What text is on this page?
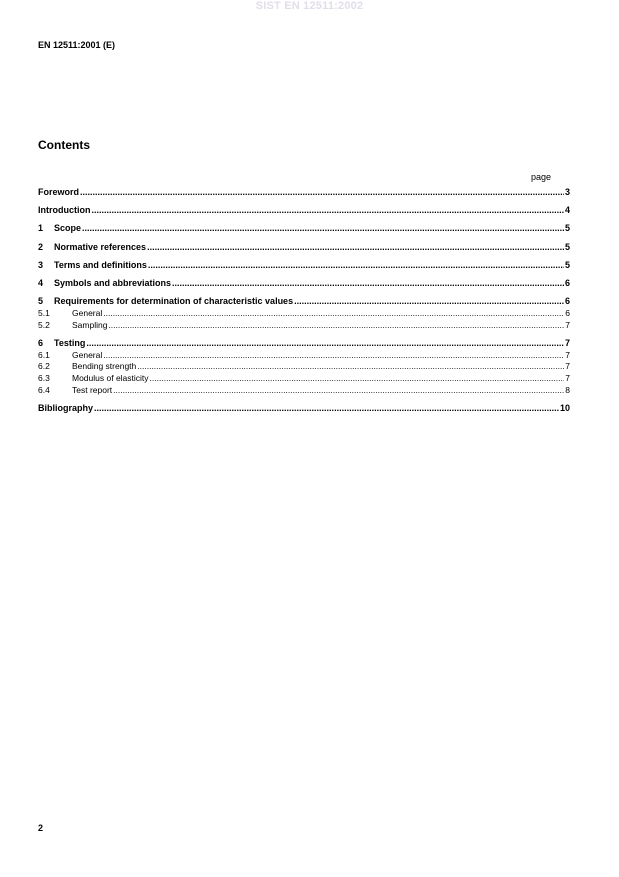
SIST EN 12511:2002
EN 12511:2001 (E)
Contents
page
Foreword .....	3
Introduction .....	4
1	Scope .....	5
2	Normative references .....	5
3	Terms and definitions .....	5
4	Symbols and abbreviations .....	6
5	Requirements for determination of characteristic values .....	6
5.1	General .....	6
5.2	Sampling .....	7
6	Testing .....	7
6.1	General .....	7
6.2	Bending strength .....	7
6.3	Modulus of elasticity .....	7
6.4	Test report .....	8
Bibliography .....	10
2
